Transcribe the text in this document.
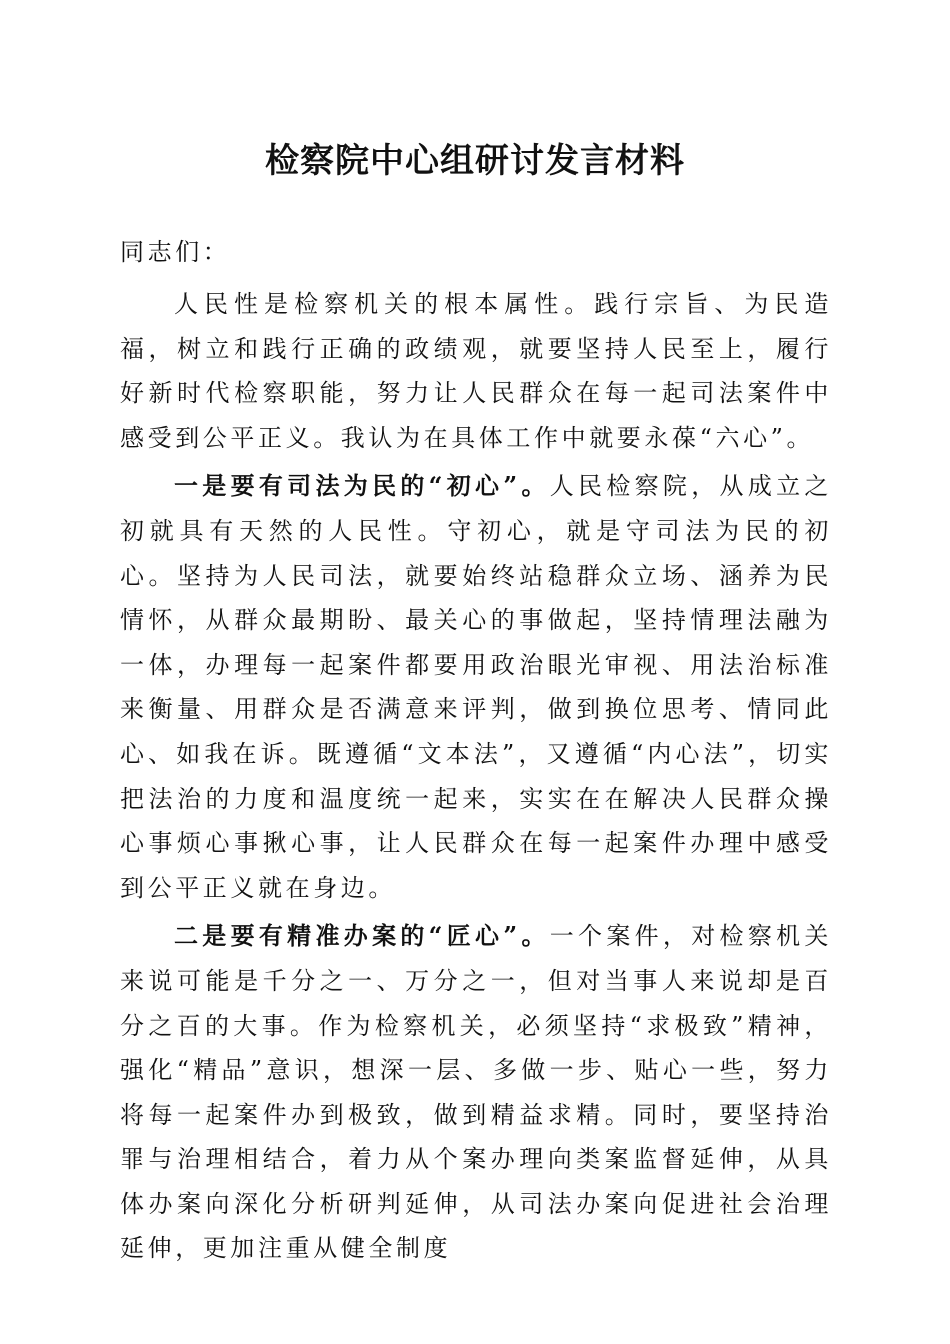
检察院中心组研讨发言材料

同志们：

人民性是检察机关的根本属性。践行宗旨、为民造福，树立和践行正确的政绩观，就要坚持人民至上，履行好新时代检察职能，努力让人民群众在每一起司法案件中感受到公平正义。我认为在具体工作中就要永葆“六心”。

一是要有司法为民的“初心”。人民检察院，从成立之初就具有天然的人民性。守初心，就是守司法为民的初心。坚持为人民司法，就要始终站稳群众立场、涵养为民情怀，从群众最期盼、最关心的事做起，坚持情理法融为一体，办理每一起案件都要用政治眼光审视、用法治标准来衡量、用群众是否满意来评判，做到换位思考、情同此心、如我在诉。既遵循“文本法”，又遵循“内心法”，切实把法治的力度和温度统一起来，实实在在解决人民群众操心事烦心事揪心事，让人民群众在每一起案件办理中感受到公平正义就在身边。

二是要有精准办案的“匠心”。一个案件，对检察机关来说可能是千分之一、万分之一，但对当事人来说却是百分之百的大事。作为检察机关，必须坚持“求极致”精神，强化“精品”意识，想深一层、多做一步、贴心一些，努力将每一起案件办到极致，做到精益求精。同时，要坚持治罪与治理相结合，着力从个案办理向类案监督延伸，从具体办案向深化分析研判延伸，从司法办案向促进社会治理延伸，更加注重从健全制度
